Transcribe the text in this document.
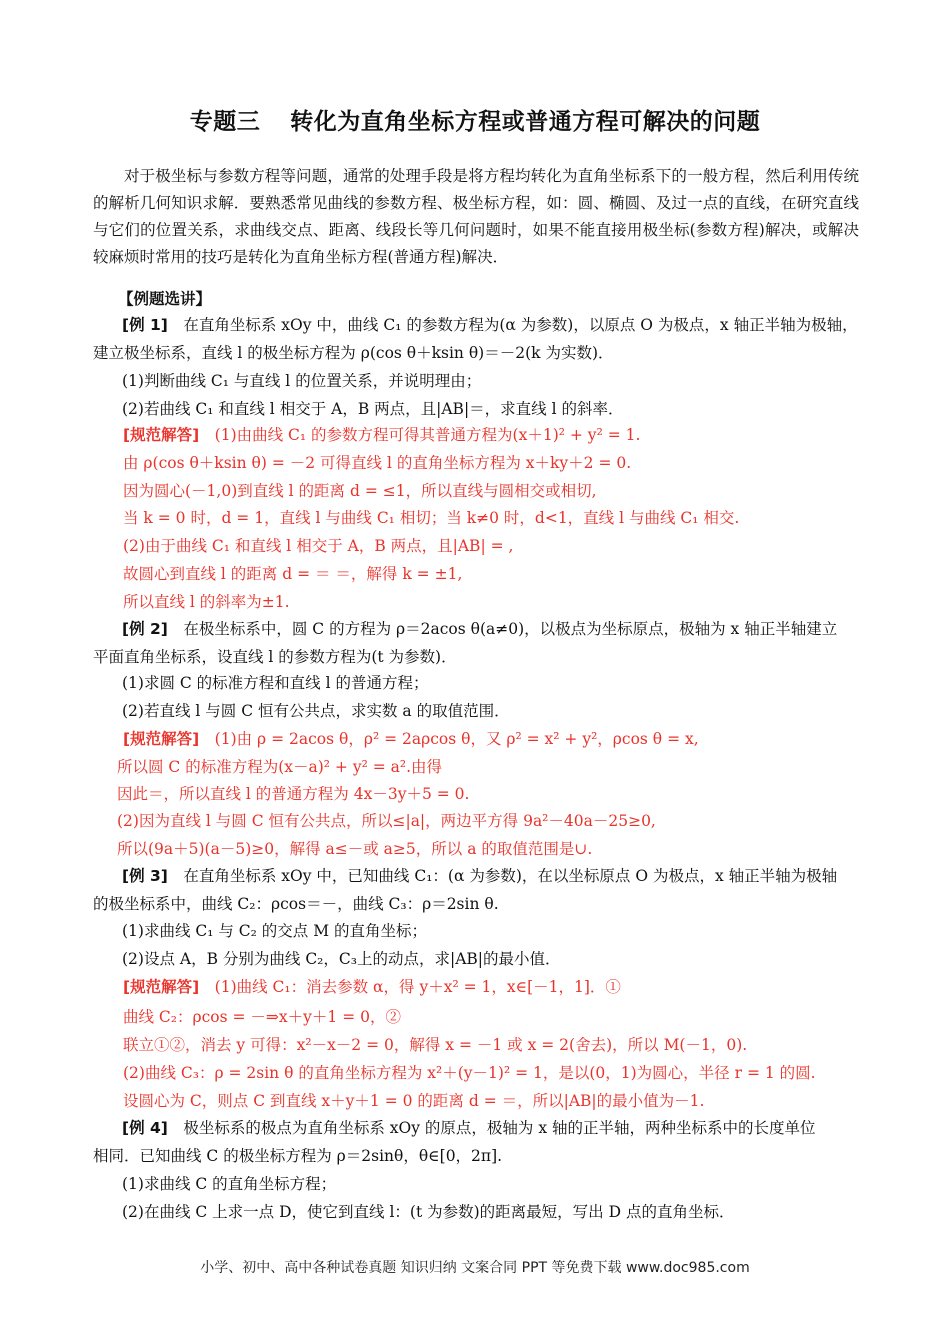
专题三 转化为直角坐标方程或普通方程可解决的问题
对于极坐标与参数方程等问题，通常的处理手段是将方程均转化为直角坐标系下的一般方程，然后利用传统的解析几何知识求解．要熟悉常见曲线的参数方程、极坐标方程，如：圆、椭圆、及过一点的直线，在研究直线与它们的位置关系，求曲线交点、距离、线段长等几何问题时，如果不能直接用极坐标(参数方程)解决，或解决较麻烦时常用的技巧是转化为直角坐标方程(普通方程)解决．
【例题选讲】
[例 1]　在直角坐标系 xOy 中，曲线 C₁ 的参数方程为(α 为参数)，以原点 O 为极点，x 轴正半轴为极轴，
建立极坐标系，直线 l 的极坐标方程为 ρ(cos θ＋ksin θ)＝－2(k 为实数)．
(1)判断曲线 C₁ 与直线 l 的位置关系，并说明理由；
(2)若曲线 C₁ 和直线 l 相交于 A，B 两点，且|AB|＝，求直线 l 的斜率．
[规范解答]　(1)由曲线 C₁ 的参数方程可得其普通方程为(x＋1)² + y² = 1.
由 ρ(cos θ＋ksin θ) = －2 可得直线 l 的直角坐标方程为 x＋ky＋2 = 0.
因为圆心(－1,0)到直线 l 的距离 d = ≤1，所以直线与圆相交或相切,
当 k = 0 时，d = 1，直线 l 与曲线 C₁ 相切；当 k≠0 时，d<1，直线 l 与曲线 C₁ 相交.
(2)由于曲线 C₁ 和直线 l 相交于 A，B 两点，且|AB| = ,
故圆心到直线 l 的距离 d = ＝ ＝，解得 k = ±1,
所以直线 l 的斜率为±1.
[例 2]　在极坐标系中，圆 C 的方程为 ρ＝2acos θ(a≠0)，以极点为坐标原点，极轴为 x 轴正半轴建立
平面直角坐标系，设直线 l 的参数方程为(t 为参数)．
(1)求圆 C 的标准方程和直线 l 的普通方程；
(2)若直线 l 与圆 C 恒有公共点，求实数 a 的取值范围．
[规范解答]　(1)由 ρ = 2acos θ，ρ² = 2aρcos θ，又 ρ² = x² + y²，ρcos θ = x,
所以圆 C 的标准方程为(x－a)² + y² = a².由得
因此＝，所以直线 l 的普通方程为 4x－3y＋5 = 0.
(2)因为直线 l 与圆 C 恒有公共点，所以≤|a|，两边平方得 9a²－40a－25≥0,
所以(9a＋5)(a－5)≥0，解得 a≤－或 a≥5，所以 a 的取值范围是∪.
[例 3]　在直角坐标系 xOy 中，已知曲线 C₁：(α 为参数)，在以坐标原点 O 为极点，x 轴正半轴为极轴
的极坐标系中，曲线 C₂：ρcos＝－，曲线 C₃：ρ＝2sin θ.
(1)求曲线 C₁ 与 C₂ 的交点 M 的直角坐标；
(2)设点 A，B 分别为曲线 C₂，C₃上的动点，求|AB|的最小值．
[规范解答]　(1)曲线 C₁：消去参数 α，得 y＋x² = 1，x∈[－1，1]．①
曲线 C₂：ρcos = －⇒x＋y＋1 = 0，②
联立①②，消去 y 可得：x²－x－2 = 0，解得 x = －1 或 x = 2(舍去)，所以 M(－1，0).
(2)曲线 C₃：ρ = 2sin θ 的直角坐标方程为 x²＋(y－1)² = 1，是以(0，1)为圆心，半径 r = 1 的圆.
设圆心为 C，则点 C 到直线 x＋y＋1 = 0 的距离 d = ＝，所以|AB|的最小值为－1.
[例 4]　极坐标系的极点为直角坐标系 xOy 的原点，极轴为 x 轴的正半轴，两种坐标系中的长度单位
相同．已知曲线 C 的极坐标方程为 ρ＝2sinθ，θ∈[0，2π].
(1)求曲线 C 的直角坐标方程；
(2)在曲线 C 上求一点 D，使它到直线 l：(t 为参数)的距离最短，写出 D 点的直角坐标．
小学、初中、高中各种试卷真题 知识归纳 文案合同 PPT 等免费下载 www.doc985.com
